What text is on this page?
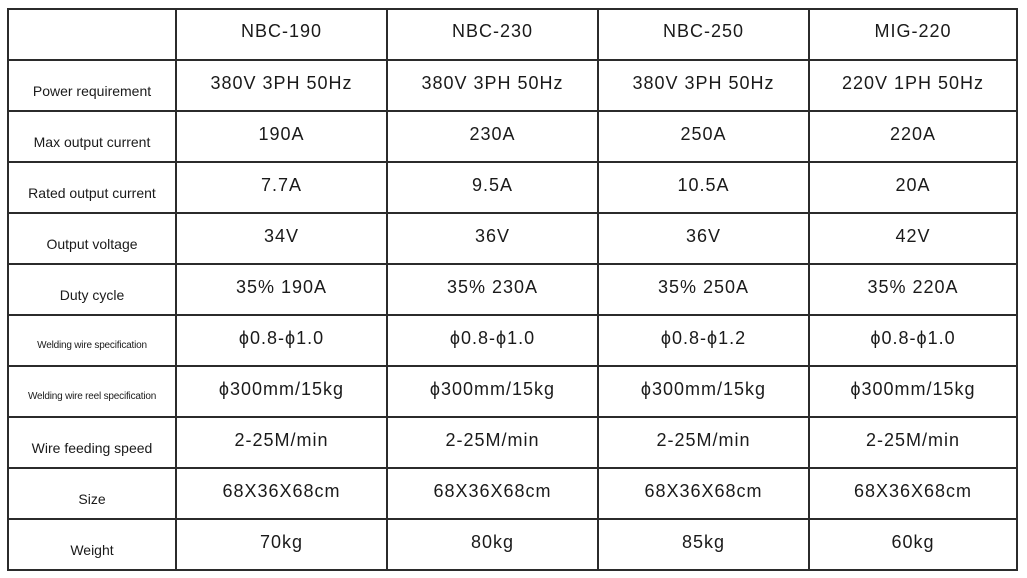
	NBC-190	NBC-230	NBC-250	MIG-220
Power requirement	380V 3PH 50Hz	380V 3PH 50Hz	380V 3PH 50Hz	220V 1PH 50Hz
Max output current	190A	230A	250A	220A
Rated output current	7.7A	9.5A	10.5A	20A
Output voltage	34V	36V	36V	42V
Duty cycle	35% 190A	35% 230A	35% 250A	35% 220A
Welding wire specification	ϕ0.8-ϕ1.0	ϕ0.8-ϕ1.0	ϕ0.8-ϕ1.2	ϕ0.8-ϕ1.0
Welding wire reel specification	ϕ300mm/15kg	ϕ300mm/15kg	ϕ300mm/15kg	ϕ300mm/15kg
Wire feeding speed	2-25M/min	2-25M/min	2-25M/min	2-25M/min
Size	68X36X68cm	68X36X68cm	68X36X68cm	68X36X68cm
Weight	70kg	80kg	85kg	60kg
